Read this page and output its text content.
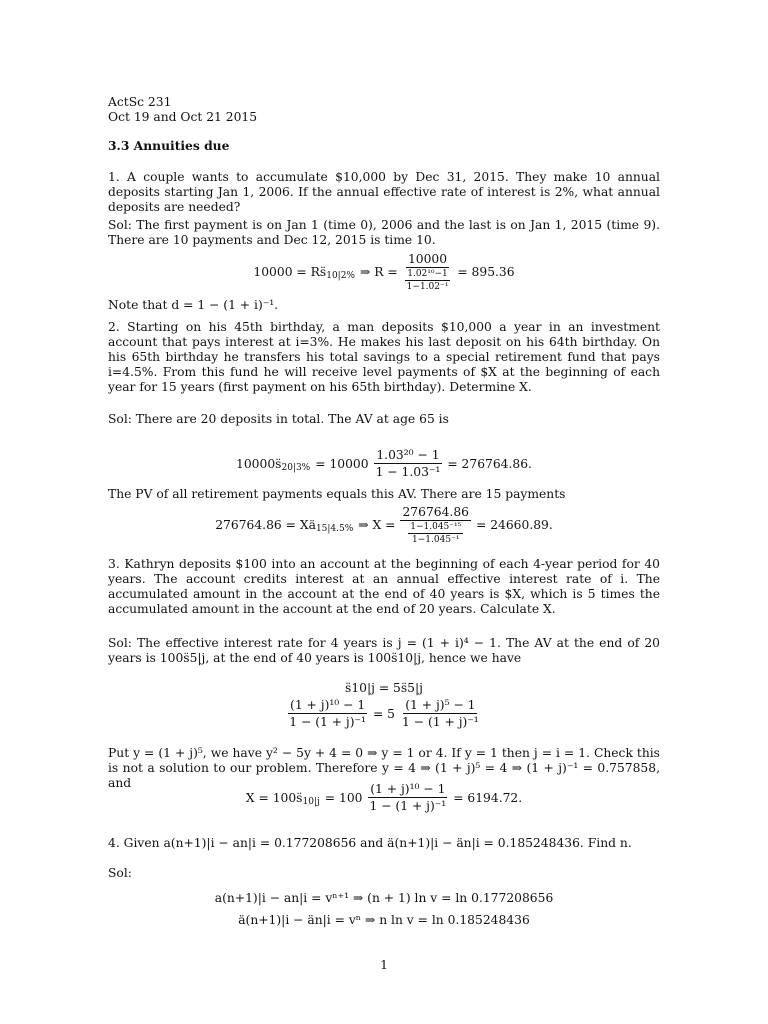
ActSc 231
Oct 19 and Oct 21 2015
3.3 Annuities due
1. A couple wants to accumulate $10,000 by Dec 31, 2015. They make 10 annual deposits starting Jan 1, 2006. If the annual effective rate of interest is 2%, what annual deposits are needed?
Sol: The first payment is on Jan 1 (time 0), 2006 and the last is on Jan 1, 2015 (time 9). There are 10 payments and Dec 12, 2015 is time 10.
10000 = Rs̈ 10|2% ⇒ $R = \frac{10000}{\frac{\text{1.02¹⁰−1}}{\text{1−1.02⁻¹}}} = 895.36$
Note that d = 1 − (1 + i)⁻¹.
2. Starting on his 45th birthday, a man deposits $10,000 a year in an investment account that pays interest at i=3%. He makes his last deposit on his 64th birthday. On his 65th birthday he transfers his total savings to a special retirement fund that pays i=4.5%. From this fund he will receive level payments of $X at the beginning of each year for 15 years (first payment on his 65th birthday). Determine X.
Sol: There are 20 deposits in total. The AV at age 65 is
10000s̈ $20|3\% = 10000 \frac{\text{1.03²⁰ − 1}}{\text{1 − 1.03⁻¹}} = 276764.86$.
The PV of all retirement payments equals this AV. There are 15 payments
276764.86 = Xä 15|4.5% ⇒ $X = \frac{276764.86}{\frac{\text{1−1.045⁻¹⁵}}{\text{1−1.045⁻¹}}} = 24660.89$.
3. Kathryn deposits $100 into an account at the beginning of each 4-year period for 40 years. The account credits interest at an annual effective interest rate of i. The accumulated amount in the account at the end of 40 years is $X, which is 5 times the accumulated amount in the account at the end of 20 years. Calculate X.
Sol: The effective interest rate for 4 years is j = (1 + i)⁴ − 1. The AV at the end of 20 years is 100s̈5|j, at the end of 40 years is 100s̈10|j, hence we have
s̈10|j = 5s̈5|j
$\frac{\text{(1 + j)¹⁰ − 1}}{\text{1 − (1 + j)⁻¹}} = 5 \frac{\text{(1 + j)⁵ − 1}}{\text{1 − (1 + j)⁻¹}}$
Put y = (1 + j)⁵, we have y² − 5y + 4 = 0 ⇒ y = 1 or 4. If y = 1 then j = i = 1. Check this is not a solution to our problem. Therefore y = 4 ⇒ (1 + j)⁵ = 4 ⇒ (1 + j)⁻¹ = 0.757858, and
X = 100s̈ $10|j = 100 \frac{\text{(1 + j)¹⁰ − 1}}{\text{1 − (1 + j)⁻¹}} = 6194.72$.
4. Given a(n+1)|i − an|i = 0.177208656 and ä(n+1)|i − än|i = 0.185248436. Find n.
Sol:
a(n+1)|i − an|i = vⁿ⁺¹ ⇒ (n + 1) ln v = ln 0.177208656
ä(n+1)|i − än|i = vⁿ ⇒ n ln v = ln 0.185248436
1
